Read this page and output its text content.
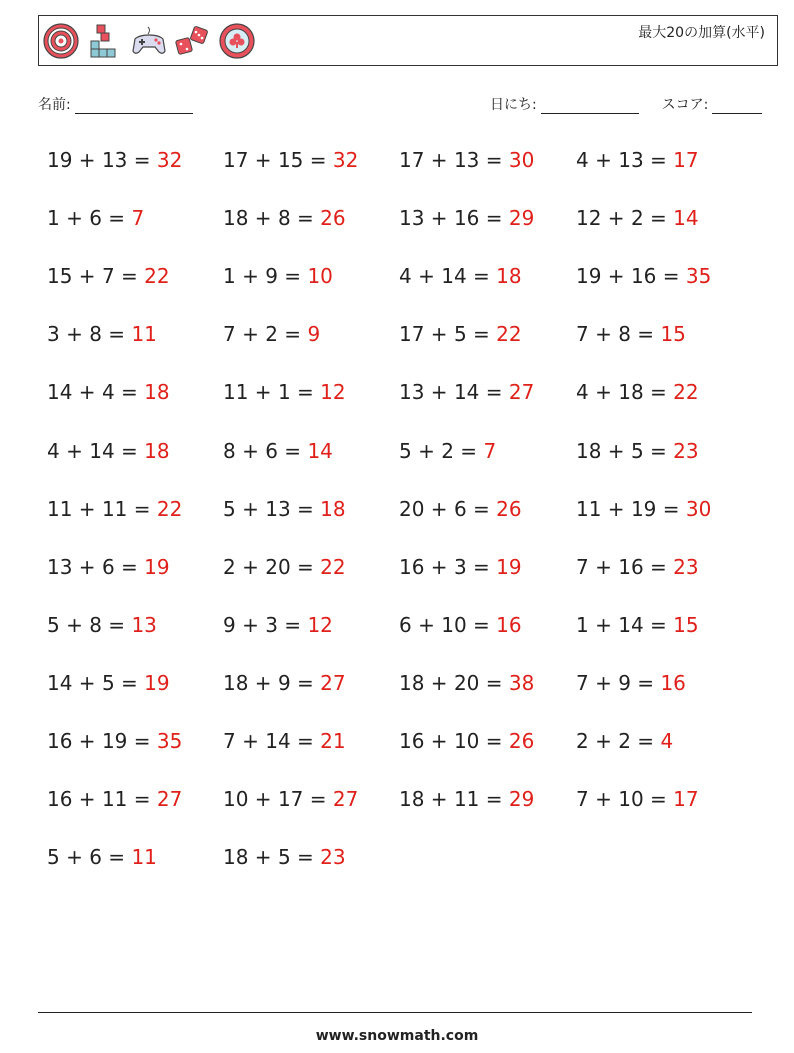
最大20の加算(水平)
名前:	日にち:	スコア:
19 + 13 = 32 17 + 15 = 32 17 + 13 = 30 4 + 13 = 17
1 + 6 = 7	18 + 8 = 26	13 + 16 = 29 12 + 2 = 14
15 + 7 = 22	1 + 9 = 10	4 + 14 = 18	19 + 16 = 35
3 + 8 = 11	7 + 2 = 9	17 + 5 = 22	7 + 8 = 15
14 + 4 = 18	11 + 1 = 12	13 + 14 = 27 4 + 18 = 22
4 + 14 = 18	8 + 6 = 14	5 + 2 = 7	18 + 5 = 23
11 + 11 = 22 5 + 13 = 18	20 + 6 = 26	11 + 19 = 30
13 + 6 = 19	2 + 20 = 22	16 + 3 = 19	7 + 16 = 23
5 + 8 = 13	9 + 3 = 12	6 + 10 = 16	1 + 14 = 15
14 + 5 = 19	18 + 9 = 27	18 + 20 = 38 7 + 9 = 16
16 + 19 = 35 7 + 14 = 21	16 + 10 = 26 2 + 2 = 4
16 + 11 = 27 10 + 17 = 27 18 + 11 = 29 7 + 10 = 17
5 + 6 = 11	18 + 5 = 23
www.snowmath.com
